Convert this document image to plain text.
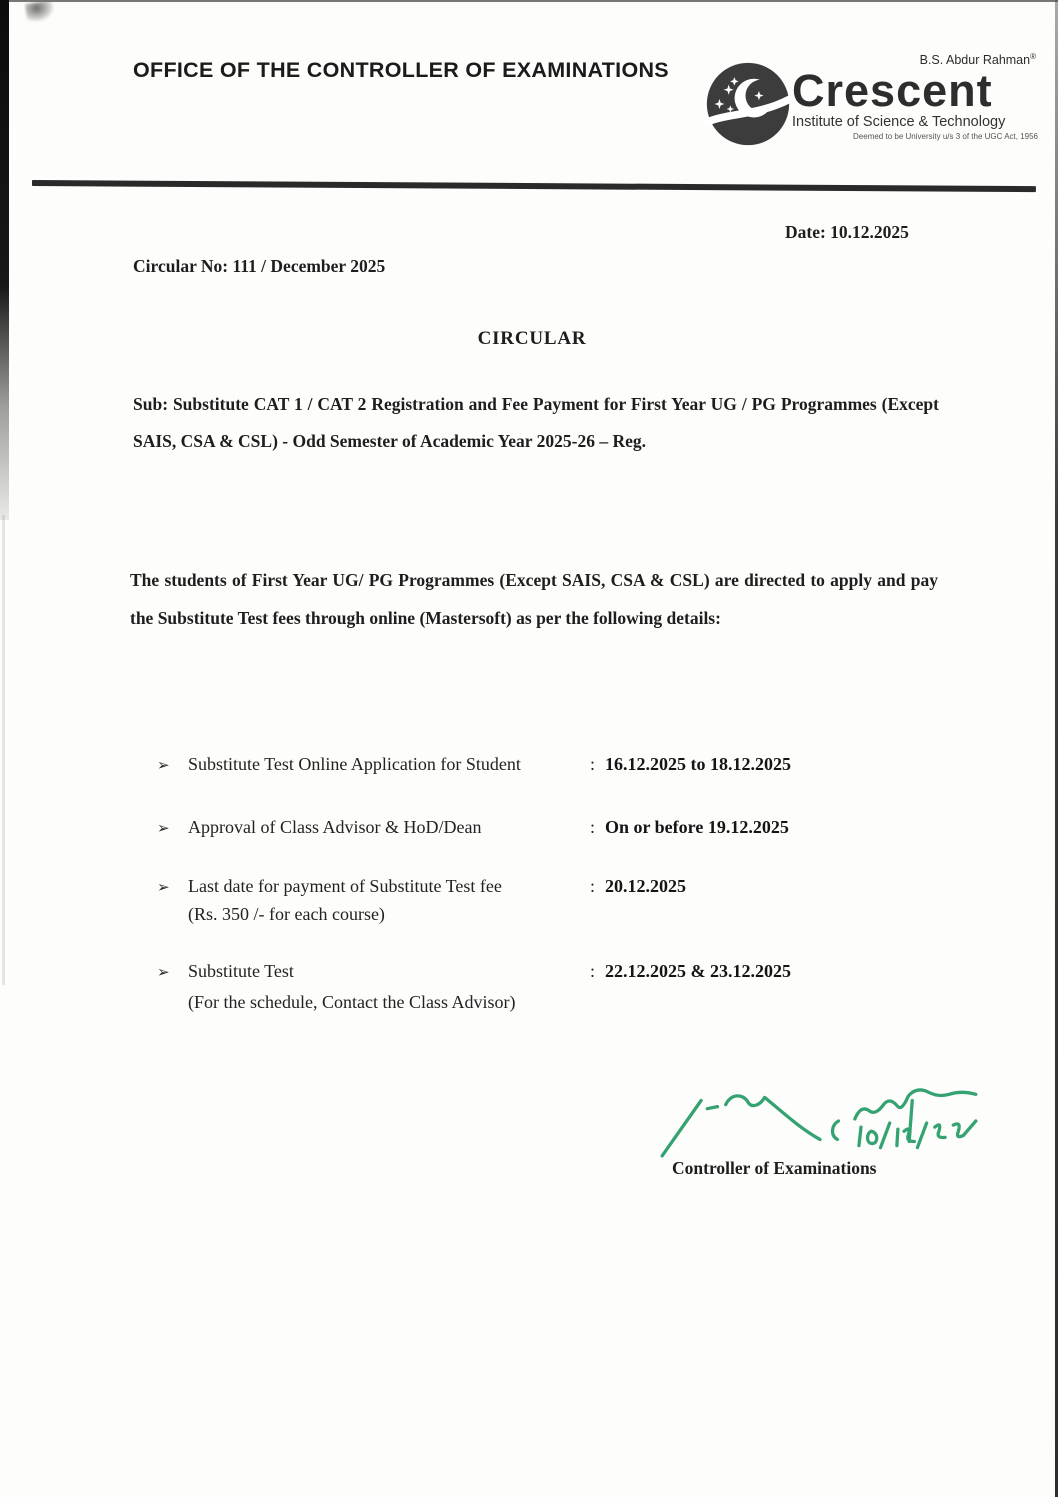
OFFICE OF THE CONTROLLER OF EXAMINATIONS	B.S. Abdur Rahman®
Crescent
Institute of Science & Technology
Deemed to be University u/s 3 of the UGC Act, 1956
Date: 10.12.2025
Circular No: 111 / December 2025
CIRCULAR
Sub: Substitute CAT 1 / CAT 2 Registration and Fee Payment for First Year UG / PG Programmes (Except SAIS, CSA & CSL) - Odd Semester of Academic Year 2025-26 – Reg.
The students of First Year UG/ PG Programmes (Except SAIS, CSA & CSL) are directed to apply and pay the Substitute Test fees through online (Mastersoft) as per the following details:
➢	Substitute Test Online Application for Student	: 16.12.2025 to 18.12.2025
➢	Approval of Class Advisor & HoD/Dean	: On or before 19.12.2025
➢	Last date for payment of Substitute Test fee	: 20.12.2025
(Rs. 350 /- for each course)
➢	Substitute Test	: 22.12.2025 & 23.12.2025
(For the schedule, Contact the Class Advisor)
Controller of Examinations
